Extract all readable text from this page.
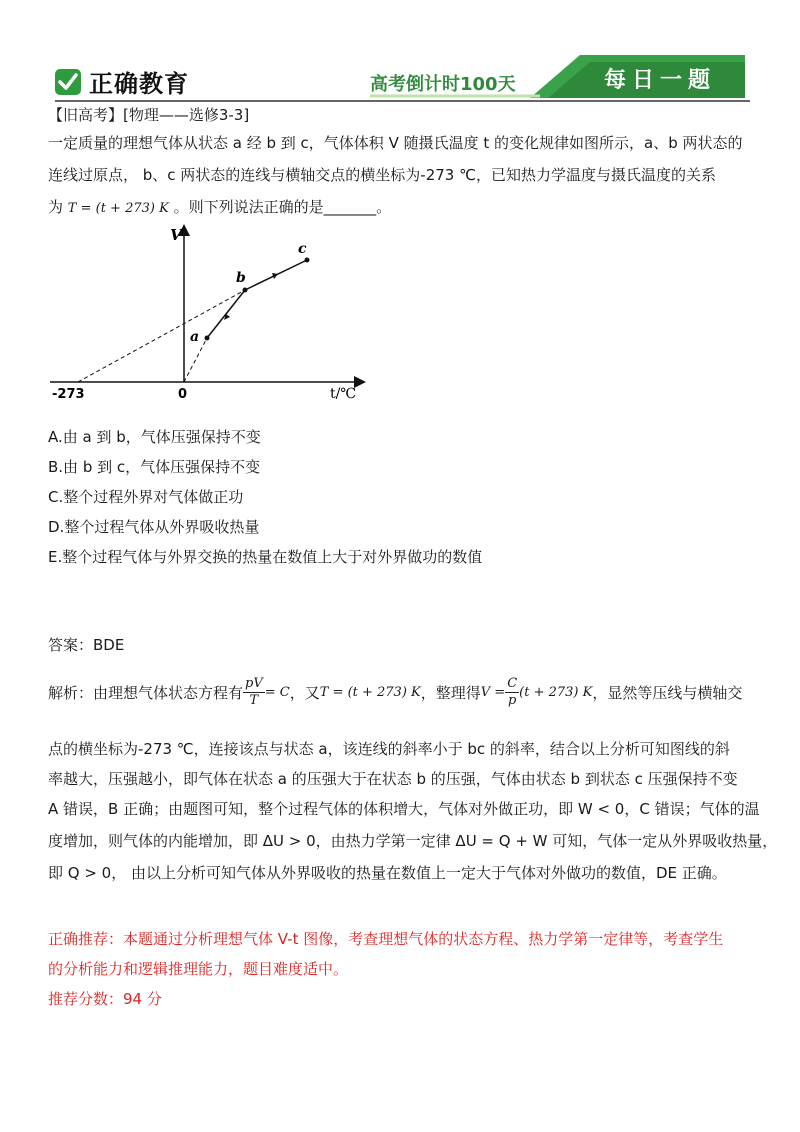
正确教育	高考倒计时100天	每日一题
【旧高考】[物理——选修3-3]
一定质量的理想气体从状态 a 经 b 到 c，气体体积 V 随摄氏温度 t 的变化规律如图所示，a、b 两状态的
连线过原点， b、c 两状态的连线与横轴交点的横坐标为-273 ℃，已知热力学温度与摄氏温度的关系
为 T = (t + 273) K 。则下列说法正确的是_______。
V
t/℃
0
-273
a
b
c
A.由 a 到 b，气体压强保持不变
B.由 b 到 c，气体压强保持不变
C.整个过程外界对气体做正功
D.整个过程气体从外界吸收热量
E.整个过程气体与外界交换的热量在数值上大于对外界做功的数值
答案：BDE
解析：由理想气体状态方程有 $\frac{pV}{T} = C$ ，又 T = (t + 273) K ，整理得 $V = \frac{C}{p} (t + 273)$ K ，显然等压线与横轴交
点的横坐标为-273 ℃，连接该点与状态 a，该连线的斜率小于 bc 的斜率，结合以上分析可知图线的斜
率越大，压强越小，即气体在状态 a 的压强大于在状态 b 的压强，气体由状态 b 到状态 c 压强保持不变
A 错误，B 正确；由题图可知，整个过程气体的体积增大，气体对外做正功，即 W < 0，C 错误；气体的温
度增加，则气体的内能增加，即 ΔU > 0，由热力学第一定律 ΔU = Q + W 可知，气体一定从外界吸收热量，
即 Q > 0， 由以上分析可知气体从外界吸收的热量在数值上一定大于气体对外做功的数值，DE 正确。
正确推荐：本题通过分析理想气体 V-t 图像，考查理想气体的状态方程、热力学第一定律等，考查学生
的分析能力和逻辑推理能力，题目难度适中。
推荐分数：94 分
